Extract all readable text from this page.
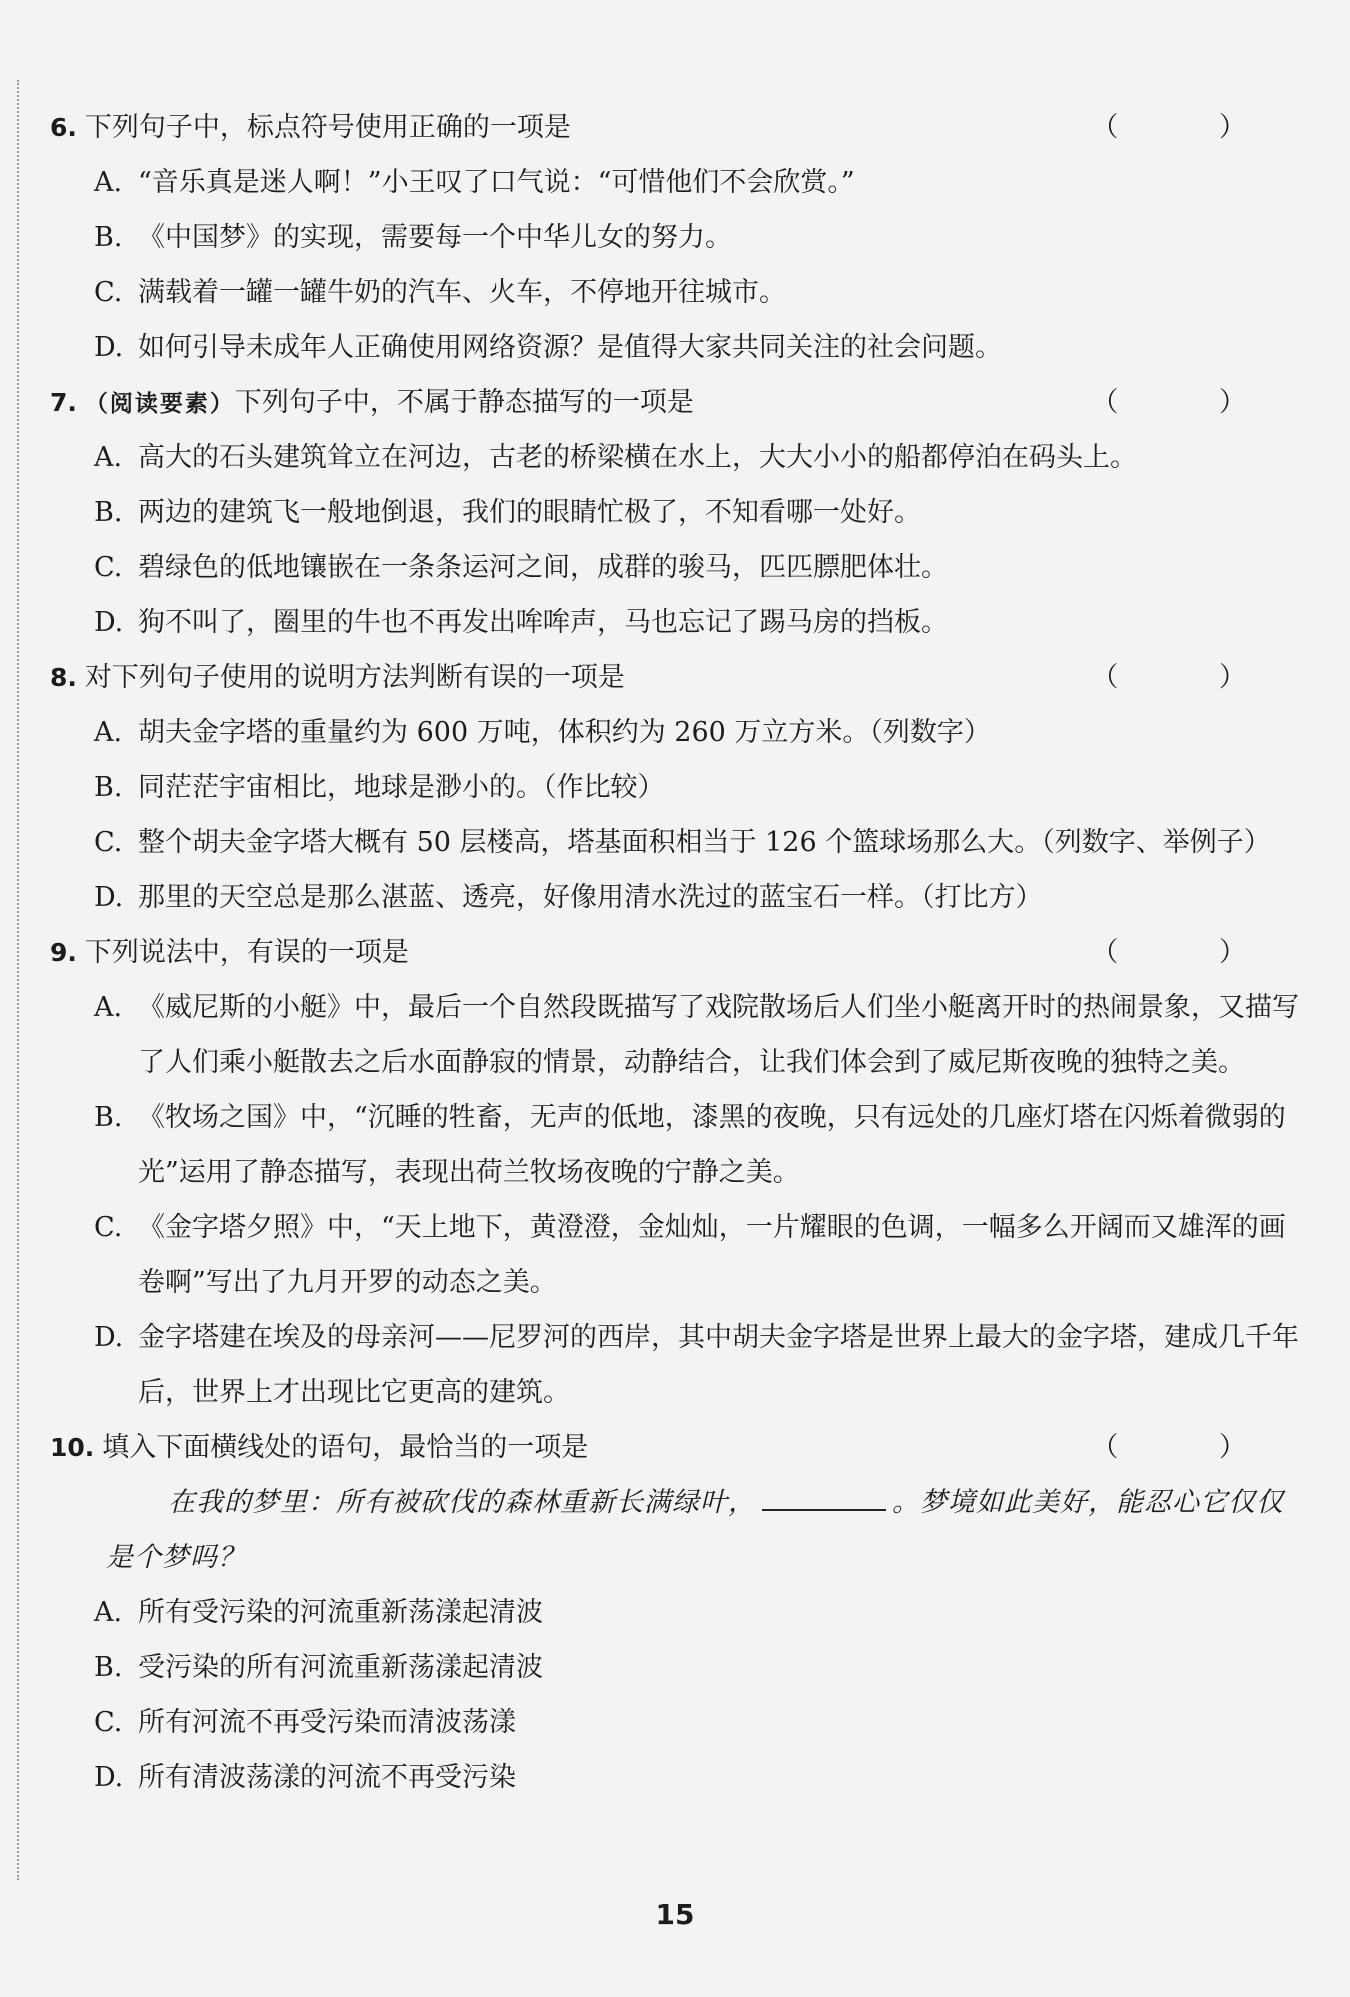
6. 下列句子中，标点符号使用正确的一项是	（ ）
A. “音乐真是迷人啊！”小王叹了口气说：“可惜他们不会欣赏。”
B. 《中国梦》的实现，需要每一个中华儿女的努力。
C. 满载着一罐一罐牛奶的汽车、火车，不停地开往城市。
D. 如何引导未成年人正确使用网络资源？是值得大家共同关注的社会问题。
7. （阅读要素）下列句子中，不属于静态描写的一项是	（ ）
A. 高大的石头建筑耸立在河边，古老的桥梁横在水上，大大小小的船都停泊在码头上。
B. 两边的建筑飞一般地倒退，我们的眼睛忙极了，不知看哪一处好。
C. 碧绿色的低地镶嵌在一条条运河之间，成群的骏马，匹匹膘肥体壮。
D. 狗不叫了，圈里的牛也不再发出哞哞声，马也忘记了踢马房的挡板。
8. 对下列句子使用的说明方法判断有误的一项是	（ ）
A. 胡夫金字塔的重量约为 600 万吨，体积约为 260 万立方米。（列数字）
B. 同茫茫宇宙相比，地球是渺小的。（作比较）
C. 整个胡夫金字塔大概有 50 层楼高，塔基面积相当于 126 个篮球场那么大。（列数字、举例子）
D. 那里的天空总是那么湛蓝、透亮，好像用清水洗过的蓝宝石一样。（打比方）
9. 下列说法中，有误的一项是	（ ）
A. 《威尼斯的小艇》中，最后一个自然段既描写了戏院散场后人们坐小艇离开时的热闹景象，又描写了人们乘小艇散去之后水面静寂的情景，动静结合，让我们体会到了威尼斯夜晚的独特之美。
B. 《牧场之国》中，“沉睡的牲畜，无声的低地，漆黑的夜晚，只有远处的几座灯塔在闪烁着微弱的光”运用了静态描写，表现出荷兰牧场夜晚的宁静之美。
C. 《金字塔夕照》中，“天上地下，黄澄澄，金灿灿，一片耀眼的色调，一幅多么开阔而又雄浑的画卷啊”写出了九月开罗的动态之美。
D. 金字塔建在埃及的母亲河——尼罗河的西岸，其中胡夫金字塔是世界上最大的金字塔，建成几千年后，世界上才出现比它更高的建筑。
10. 填入下面横线处的语句，最恰当的一项是	（ ）
在我的梦里：所有被砍伐的森林重新长满绿叶，	。梦境如此美好，能忍心它仅仅是个梦吗？
A. 所有受污染的河流重新荡漾起清波
B. 受污染的所有河流重新荡漾起清波
C. 所有河流不再受污染而清波荡漾
D. 所有清波荡漾的河流不再受污染
15
